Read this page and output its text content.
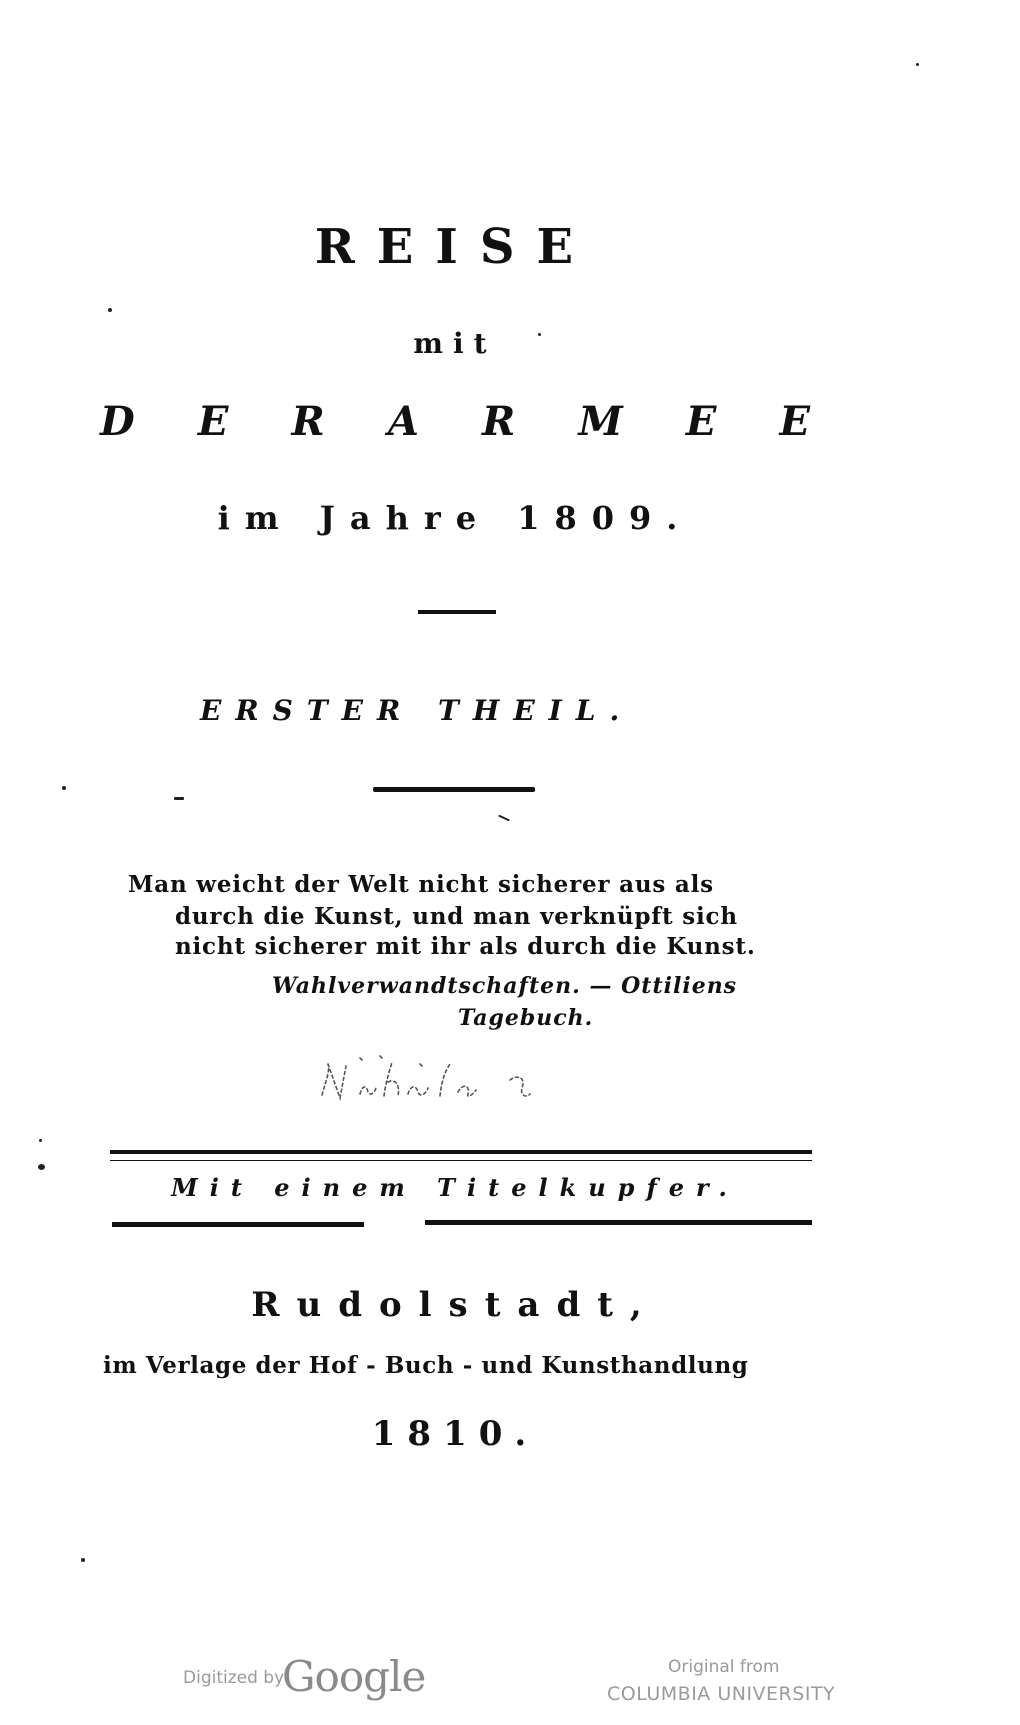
REISE
mit
D E R A R M E E
im Jahre 1809.
ERSTER THEIL.
Man weicht der Welt nicht sicherer aus als
durch die Kunst, und man verknüpft sich
nicht sicherer mit ihr als durch die Kunst.
Wahlverwandtschaften. — Ottiliens
Tagebuch.
Mit einem Titelkupfer.
Rudolstadt,
im Verlage der Hof - Buch - und Kunsthandlung
1810.
Digitized by
Google	Original from
COLUMBIA UNIVERSITY
